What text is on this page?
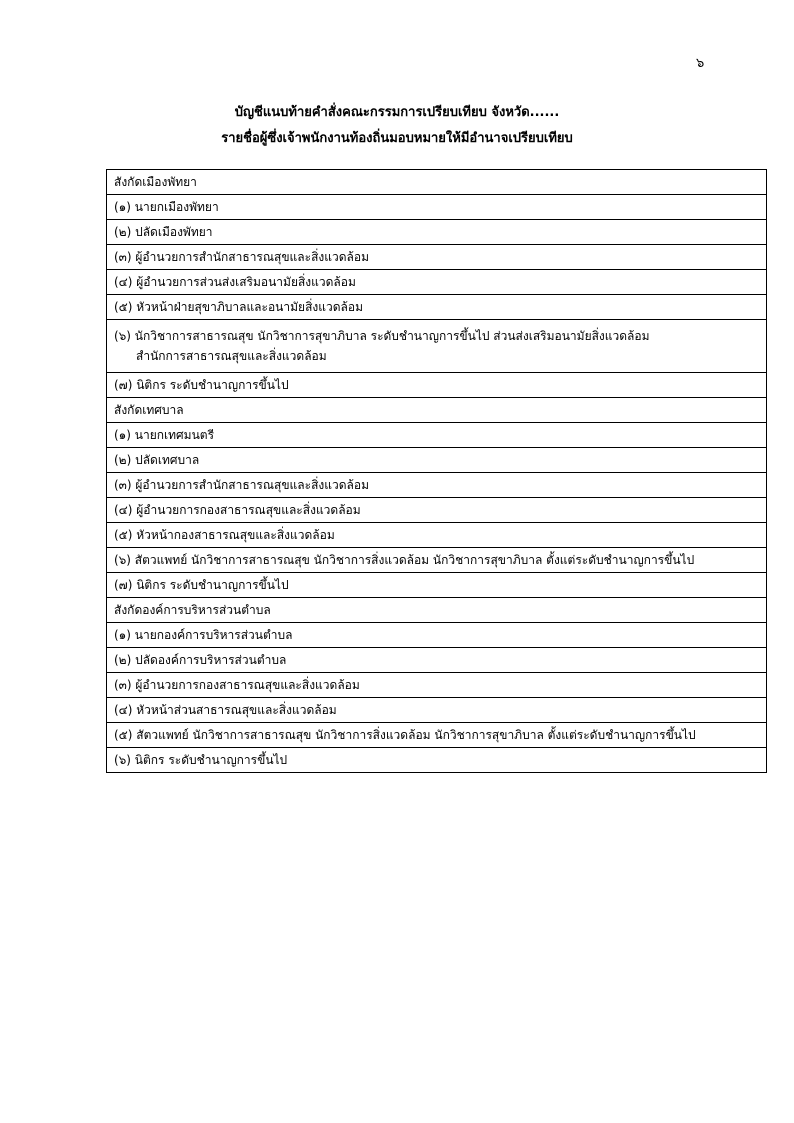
๖
บัญชีแนบท้ายคำสั่งคณะกรรมการเปรียบเทียบ จังหวัด......
รายชื่อผู้ซึ่งเจ้าพนักงานท้องถิ่นมอบหมายให้มีอำนาจเปรียบเทียบ
สังกัดเมืองพัทยา
(๑) นายกเมืองพัทยา
(๒) ปลัดเมืองพัทยา
(๓) ผู้อำนวยการสำนักสาธารณสุขและสิ่งแวดล้อม
(๔) ผู้อำนวยการส่วนส่งเสริมอนามัยสิ่งแวดล้อม
(๕) หัวหน้าฝ่ายสุขาภิบาลและอนามัยสิ่งแวดล้อม
(๖) นักวิชาการสาธารณสุข นักวิชาการสุขาภิบาล ระดับชำนาญการขึ้นไป ส่วนส่งเสริมอนามัยสิ่งแวดล้อม
สำนักการสาธารณสุขและสิ่งแวดล้อม

(๗) นิติกร ระดับชำนาญการขึ้นไป
สังกัดเทศบาล
(๑) นายกเทศมนตรี
(๒) ปลัดเทศบาล
(๓) ผู้อำนวยการสำนักสาธารณสุขและสิ่งแวดล้อม
(๔) ผู้อำนวยการกองสาธารณสุขและสิ่งแวดล้อม
(๕) หัวหน้ากองสาธารณสุขและสิ่งแวดล้อม
(๖) สัตวแพทย์ นักวิชาการสาธารณสุข นักวิชาการสิ่งแวดล้อม นักวิชาการสุขาภิบาล ตั้งแต่ระดับชำนาญการขึ้นไป
(๗) นิติกร ระดับชำนาญการขึ้นไป
สังกัดองค์การบริหารส่วนตำบล
(๑) นายกองค์การบริหารส่วนตำบล
(๒) ปลัดองค์การบริหารส่วนตำบล
(๓) ผู้อำนวยการกองสาธารณสุขและสิ่งแวดล้อม
(๔) หัวหน้าส่วนสาธารณสุขและสิ่งแวดล้อม
(๕) สัตวแพทย์ นักวิชาการสาธารณสุข นักวิชาการสิ่งแวดล้อม นักวิชาการสุขาภิบาล ตั้งแต่ระดับชำนาญการขึ้นไป
(๖) นิติกร ระดับชำนาญการขึ้นไป
